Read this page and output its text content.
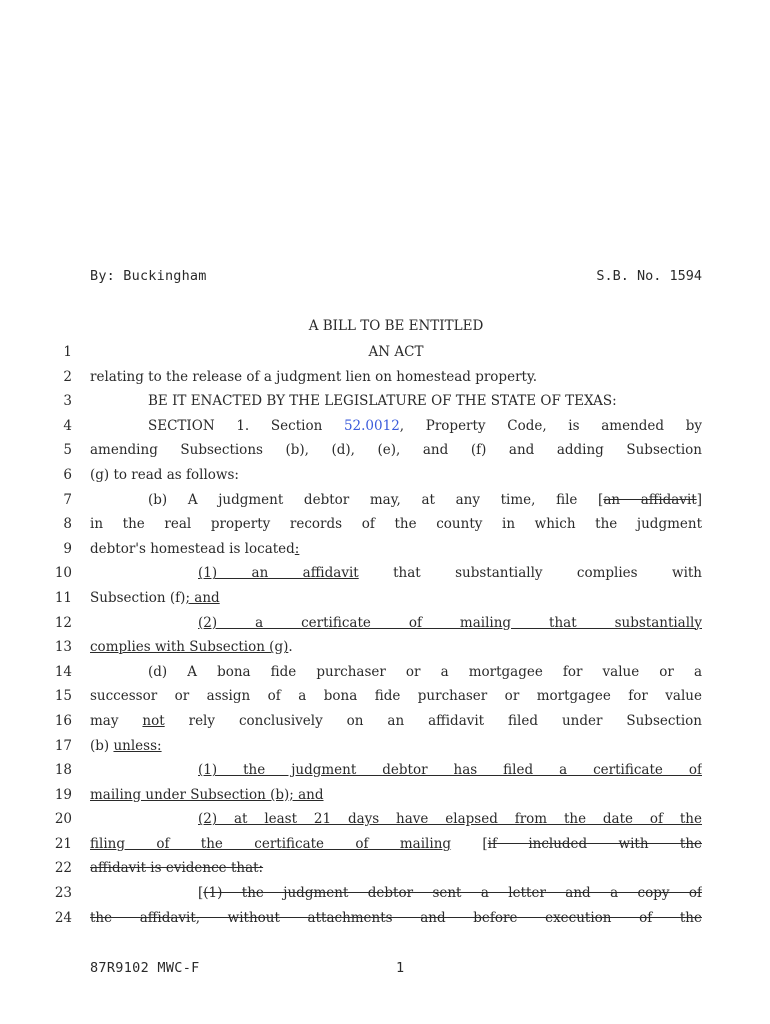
By: Buckingham	S.B. No. 1594
A BILL TO BE ENTITLED
1	AN ACT
2 relating to the release of a judgment lien on homestead property.
3	BE IT ENACTED BY THE LEGISLATURE OF THE STATE OF TEXAS:
4	SECTION 1. Section 52.0012, Property Code, is amended by
5 amending Subsections (b), (d), (e), and (f) and adding Subsection
6 (g) to read as follows:
7	(b) A judgment debtor may, at any time, file [an affidavit]
8 in the real property records of the county in which the judgment
9 debtor's homestead is located:
10	(1) an affidavit that substantially complies with
11 Subsection (f); and
12	(2) a certificate of mailing that substantially
13 complies with Subsection (g).
14	(d) A bona fide purchaser or a mortgagee for value or a
15 successor or assign of a bona fide purchaser or mortgagee for value
16 may not rely conclusively on an affidavit filed under Subsection
17 (b) unless:
18	(1) the judgment debtor has filed a certificate of
19 mailing under Subsection (b); and
20	(2) at least 21 days have elapsed from the date of the
21 filing of the certificate of mailing [if included with the
22 affidavit is evidence that:
23	[(1) the judgment debtor sent a letter and a copy of
24 the affidavit, without attachments and before execution of the
87R9102 MWC-F	1
